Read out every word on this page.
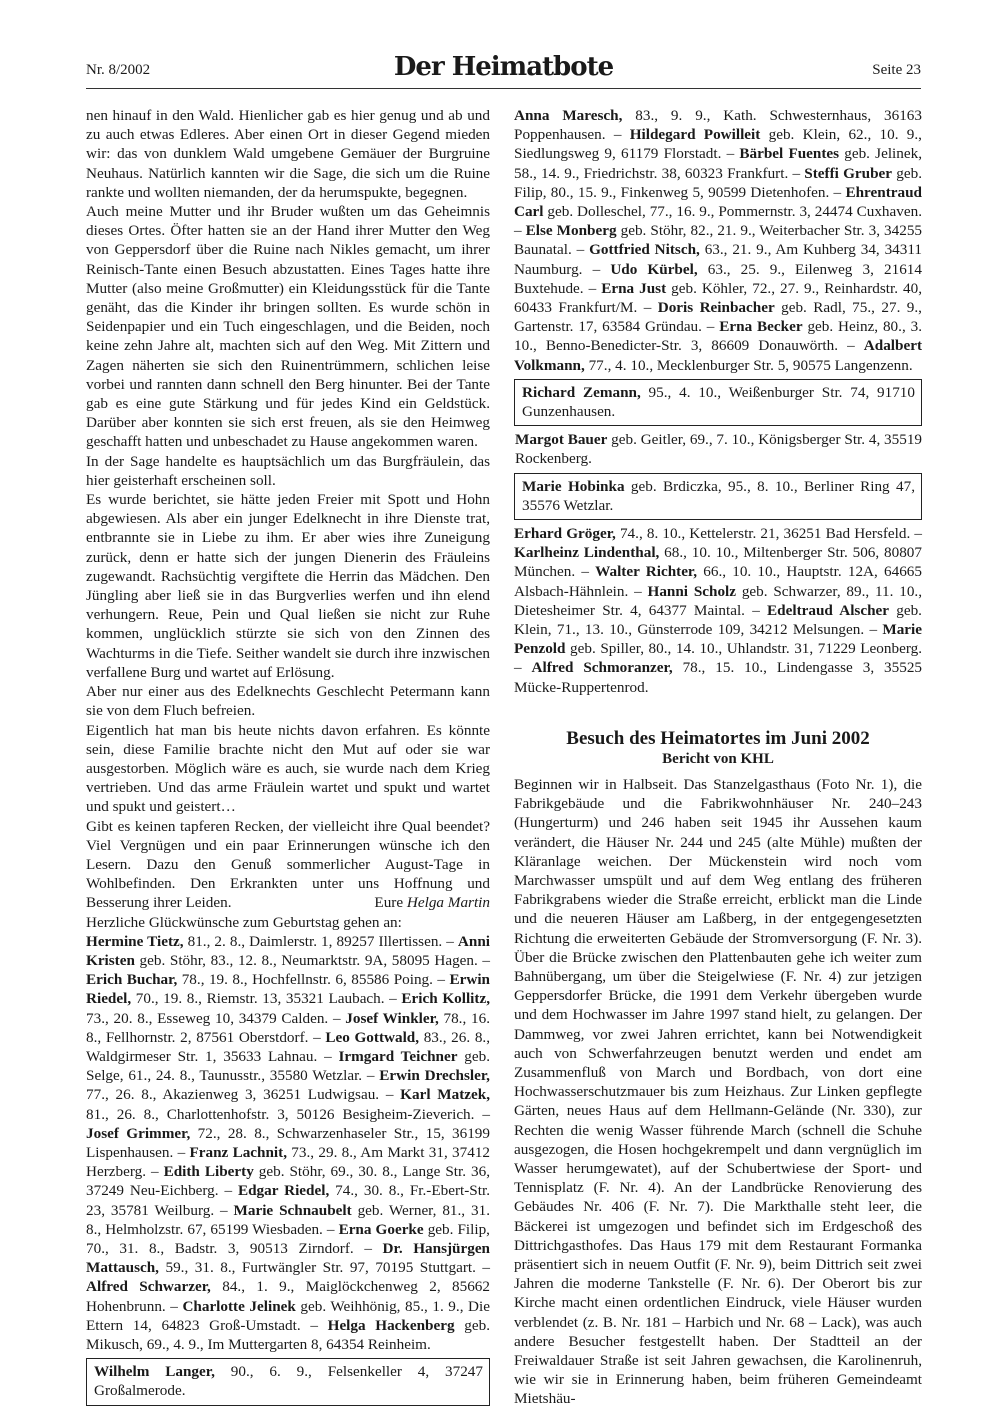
Nr. 8/2002	Der Heimatbote	Seite 23

nen hinauf in den Wald. Hienlicher gab es hier genug und ab und zu auch etwas Edleres. Aber einen Ort in dieser Gegend mieden wir: das von dunklem Wald umgebene Gemäuer der Burgruine Neuhaus. Natürlich kannten wir die Sage, die sich um die Ruine rankte und wollten niemanden, der da herumspukte, begegnen.

Auch meine Mutter und ihr Bruder wußten um das Geheimnis dieses Ortes. Öfter hatten sie an der Hand ihrer Mutter den Weg von Geppersdorf über die Ruine nach Nikles gemacht, um ihrer Reinisch-Tante einen Besuch abzustatten. Eines Tages hatte ihre Mutter (also meine Großmutter) ein Kleidungsstück für die Tante genäht, das die Kinder ihr bringen sollten. Es wurde schön in Seidenpapier und ein Tuch eingeschlagen, und die Beiden, noch keine zehn Jahre alt, machten sich auf den Weg. Mit Zittern und Zagen näherten sie sich den Ruinentrümmern, schlichen leise vorbei und rannten dann schnell den Berg hinunter. Bei der Tante gab es eine gute Stärkung und für jedes Kind ein Geldstück. Darüber aber konnten sie sich erst freuen, als sie den Heimweg geschafft hatten und unbeschadet zu Hause angekommen waren.

In der Sage handelte es hauptsächlich um das Burgfräulein, das hier geisterhaft erscheinen soll.

Es wurde berichtet, sie hätte jeden Freier mit Spott und Hohn abgewiesen. Als aber ein junger Edelknecht in ihre Dienste trat, entbrannte sie in Liebe zu ihm. Er aber wies ihre Zuneigung zurück, denn er hatte sich der jungen Dienerin des Fräuleins zugewandt. Rachsüchtig vergiftete die Herrin das Mädchen. Den Jüngling aber ließ sie in das Burgverlies werfen und ihn elend verhungern. Reue, Pein und Qual ließen sie nicht zur Ruhe kommen, unglücklich stürzte sie sich von den Zinnen des Wachturms in die Tiefe. Seither wandelt sie durch ihre inzwischen verfallene Burg und wartet auf Erlösung.

Aber nur einer aus des Edelknechts Geschlecht Petermann kann sie von dem Fluch befreien.

Eigentlich hat man bis heute nichts davon erfahren. Es könnte sein, diese Familie brachte nicht den Mut auf oder sie war ausgestorben. Möglich wäre es auch, sie wurde nach dem Krieg vertrieben. Und das arme Fräulein wartet und spukt und wartet und spukt und geistert…

Gibt es keinen tapferen Recken, der vielleicht ihre Qual beendet? Viel Vergnügen und ein paar Erinnerungen wünsche ich den Lesern. Dazu den Genuß sommerlicher August-Tage in Wohlbefinden. Den Erkrankten unter uns Hoffnung und Besserung ihrer Leiden.	Eure Helga Martin

Herzliche Glückwünsche zum Geburtstag gehen an:

Hermine Tietz, 81., 2. 8., Daimlerstr. 1, 89257 Illertissen. – Anni Kristen geb. Stöhr, 83., 12. 8., Neumarktstr. 9A, 58095 Hagen. – Erich Buchar, 78., 19. 8., Hochfellnstr. 6, 85586 Poing. – Erwin Riedel, 70., 19. 8., Riemstr. 13, 35321 Laubach. – Erich Kollitz, 73., 20. 8., Esseweg 10, 34379 Calden. – Josef Winkler, 78., 16. 8., Fellhornstr. 2, 87561 Oberstdorf. – Leo Gottwald, 83., 26. 8., Waldgirmeser Str. 1, 35633 Lahnau. – Irmgard Teichner geb. Selge, 61., 24. 8., Taunusstr., 35580 Wetzlar. – Erwin Drechsler, 77., 26. 8., Akazienweg 3, 36251 Ludwigsau. – Karl Matzek, 81., 26. 8., Charlottenhofstr. 3, 50126 Besigheim-Zieverich. – Josef Grimmer, 72., 28. 8., Schwarzenhaseler Str., 15, 36199 Lispenhausen. – Franz Lachnit, 73., 29. 8., Am Markt 31, 37412 Herzberg. – Edith Liberty geb. Stöhr, 69., 30. 8., Lange Str. 36, 37249 Neu-Eichberg. – Edgar Riedel, 74., 30. 8., Fr.-Ebert-Str. 23, 35781 Weilburg. – Marie Schnaubelt geb. Werner, 81., 31. 8., Helmholzstr. 67, 65199 Wiesbaden. – Erna Goerke geb. Filip, 70., 31. 8., Badstr. 3, 90513 Zirndorf. – Dr. Hansjürgen Mattausch, 59., 31. 8., Furtwängler Str. 97, 70195 Stuttgart. – Alfred Schwarzer, 84., 1. 9., Maiglöckchenweg 2, 85662 Hohenbrunn. – Charlotte Jelinek geb. Weihhönig, 85., 1. 9., Die Ettern 14, 64823 Groß-Umstadt. – Helga Hackenberg geb. Mikusch, 69., 4. 9., Im Muttergarten 8, 64354 Reinheim.

Wilhelm Langer, 90., 6. 9., Felsenkeller 4, 37247 Großalmerode.

Anna Maresch, 83., 9. 9., Kath. Schwesternhaus, 36163 Poppenhausen. – Hildegard Powilleit geb. Klein, 62., 10. 9., Siedlungsweg 9, 61179 Florstadt. – Bärbel Fuentes geb. Jelinek, 58., 14. 9., Friedrichstr. 38, 60323 Frankfurt. – Steffi Gruber geb. Filip, 80., 15. 9., Finkenweg 5, 90599 Dietenhofen. – Ehrentraud Carl geb. Dolleschel, 77., 16. 9., Pommernstr. 3, 24474 Cuxhaven. – Else Monberg geb. Stöhr, 82., 21. 9., Weiterbacher Str. 3, 34255 Baunatal. – Gottfried Nitsch, 63., 21. 9., Am Kuhberg 34, 34311 Naumburg. – Udo Kürbel, 63., 25. 9., Eilenweg 3, 21614 Buxtehude. – Erna Just geb. Köhler, 72., 27. 9., Reinhardstr. 40, 60433 Frankfurt/M. – Doris Reinbacher geb. Radl, 75., 27. 9., Gartenstr. 17, 63584 Gründau. – Erna Becker geb. Heinz, 80., 3. 10., Benno-Benedicter-Str. 3, 86609 Donauwörth. – Adalbert Volkmann, 77., 4. 10., Mecklenburger Str. 5, 90575 Langenzenn.

Richard Zemann, 95., 4. 10., Weißenburger Str. 74, 91710 Gunzenhausen.

Margot Bauer geb. Geitler, 69., 7. 10., Königsberger Str. 4, 35519 Rockenberg.

Marie Hobinka geb. Brdiczka, 95., 8. 10., Berliner Ring 47, 35576 Wetzlar.

Erhard Gröger, 74., 8. 10., Kettelerstr. 21, 36251 Bad Hersfeld. – Karlheinz Lindenthal, 68., 10. 10., Miltenberger Str. 506, 80807 München. – Walter Richter, 66., 10. 10., Hauptstr. 12A, 64665 Alsbach-Hähnlein. – Hanni Scholz geb. Schwarzer, 89., 11. 10., Dietesheimer Str. 4, 64377 Maintal. – Edeltraud Alscher geb. Klein, 71., 13. 10., Günsterrode 109, 34212 Melsungen. – Marie Penzold geb. Spiller, 80., 14. 10., Uhlandstr. 31, 71229 Leonberg. – Alfred Schmoranzer, 78., 15. 10., Lindengasse 3, 35525 Mücke-Ruppertenrod.

Besuch des Heimatortes im Juni 2002
Bericht von KHL

Beginnen wir in Halbseit. Das Stanzelgasthaus (Foto Nr. 1), die Fabrikgebäude und die Fabrikwohnhäuser Nr. 240–243 (Hungerturm) und 246 haben seit 1945 ihr Aussehen kaum verändert, die Häuser Nr. 244 und 245 (alte Mühle) mußten der Kläranlage weichen. Der Mückenstein wird noch vom Marchwasser umspült und auf dem Weg entlang des früheren Fabrikgrabens wieder die Straße erreicht, erblickt man die Linde und die neueren Häuser am Laßberg, in der entgegengesetzten Richtung die erweiterten Gebäude der Stromversorgung (F. Nr. 3). Über die Brücke zwischen den Plattenbauten gehe ich weiter zum Bahnübergang, um über die Steigelwiese (F. Nr. 4) zur jetzigen Geppersdorfer Brücke, die 1991 dem Verkehr übergeben wurde und dem Hochwasser im Jahre 1997 stand hielt, zu gelangen. Der Dammweg, vor zwei Jahren errichtet, kann bei Notwendigkeit auch von Schwerfahrzeugen benutzt werden und endet am Zusammenfluß von March und Bordbach, von dort eine Hochwasserschutzmauer bis zum Heizhaus. Zur Linken gepflegte Gärten, neues Haus auf dem Hellmann-Gelände (Nr. 330), zur Rechten die wenig Wasser führende March (schnell die Schuhe ausgezogen, die Hosen hochgekrempelt und dann vergnüglich im Wasser herumgewatet), auf der Schubertwiese der Sport- und Tennisplatz (F. Nr. 4). An der Landbrücke Renovierung des Gebäudes Nr. 406 (F. Nr. 7). Die Markthalle steht leer, die Bäckerei ist umgezogen und befindet sich im Erdgeschoß des Dittrichgasthofes. Das Haus 179 mit dem Restaurant Formanka präsentiert sich in neuem Outfit (F. Nr. 9), beim Dittrich seit zwei Jahren die moderne Tankstelle (F. Nr. 6). Der Oberort bis zur Kirche macht einen ordentlichen Eindruck, viele Häuser wurden verblendet (z. B. Nr. 181 – Harbich und Nr. 68 – Lack), was auch andere Besucher festgestellt haben. Der Stadtteil an der Freiwaldauer Straße ist seit Jahren gewachsen, die Karolinenruh, wie wir sie in Erinnerung haben, beim früheren Gemeindeamt Mietshäu-
